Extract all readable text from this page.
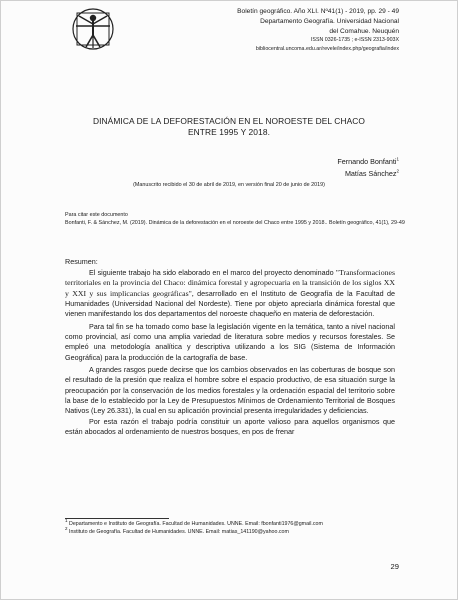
Boletín geográfico. Año XLI. Nº41(1) - 2019, pp. 29 - 49
Departamento Geografía. Universidad Nacional
del Comahue. Neuquén
ISSN 0326-1735 ; e-ISSN 2313-903X
bibliocentral.uncoma.edu.ar/revele/index.php/geografia/index
DINÁMICA DE LA DEFORESTACIÓN EN EL NOROESTE DEL CHACO
ENTRE 1995 Y 2018.
Fernando Bonfanti$^1$
Matías Sánchez$^2$
(Manuscrito recibido el 30 de abril de 2019, en versión final 20 de junio de 2019)
Para citar este documento
Bonfanti, F. & Sánchez, M. (2019). Dinámica de la deforestación en el noroeste del Chaco entre 1995 y 2018.. Boletín geográfico, 41(1), 29-49

Resumen:

El siguiente trabajo ha sido elaborado en el marco del proyecto denominado "Transformaciones territoriales en la provincia del Chaco: dinámica forestal y agropecuaria en la transición de los siglos XX y XXI y sus implicancias geográficas", desarrollado en el Instituto de Geografía de la Facultad de Humanidades (Universidad Nacional del Nordeste). Tiene por objeto apreciarla dinámica forestal que vienen manifestando los dos departamentos del noroeste chaqueño en materia de deforestación.

Para tal fin se ha tomado como base la legislación vigente en la temática, tanto a nivel nacional como provincial, así como una amplia variedad de literatura sobre medios y recursos forestales. Se empleó una metodología analítica y descriptiva utilizando a los SIG (Sistema de Información Geográfica) para la producción de la cartografía de base.

A grandes rasgos puede decirse que los cambios observados en las coberturas de bosque son el resultado de la presión que realiza el hombre sobre el espacio productivo, de esa situación surge la preocupación por la conservación de los medios forestales y la ordenación espacial del territorio sobre la base de lo establecido por la Ley de Presupuestos Mínimos de Ordenamiento Territorial de Bosques Nativos (Ley 26.331), la cual en su aplicación provincial presenta irregularidades y deficiencias.

Por esta razón el trabajo podría constituir un aporte valioso para aquellos organismos que están abocados al ordenamiento de nuestros bosques, en pos de frenar

$^1$ Departamento e Instituto de Geografía. Facultad de Humanidades. UNNE. Email: fbonfanti1976@gmail.com
$^2$ Instituto de Geografía. Facultad de Humanidades. UNNE. Email: matias_141190@yahoo.com
29
